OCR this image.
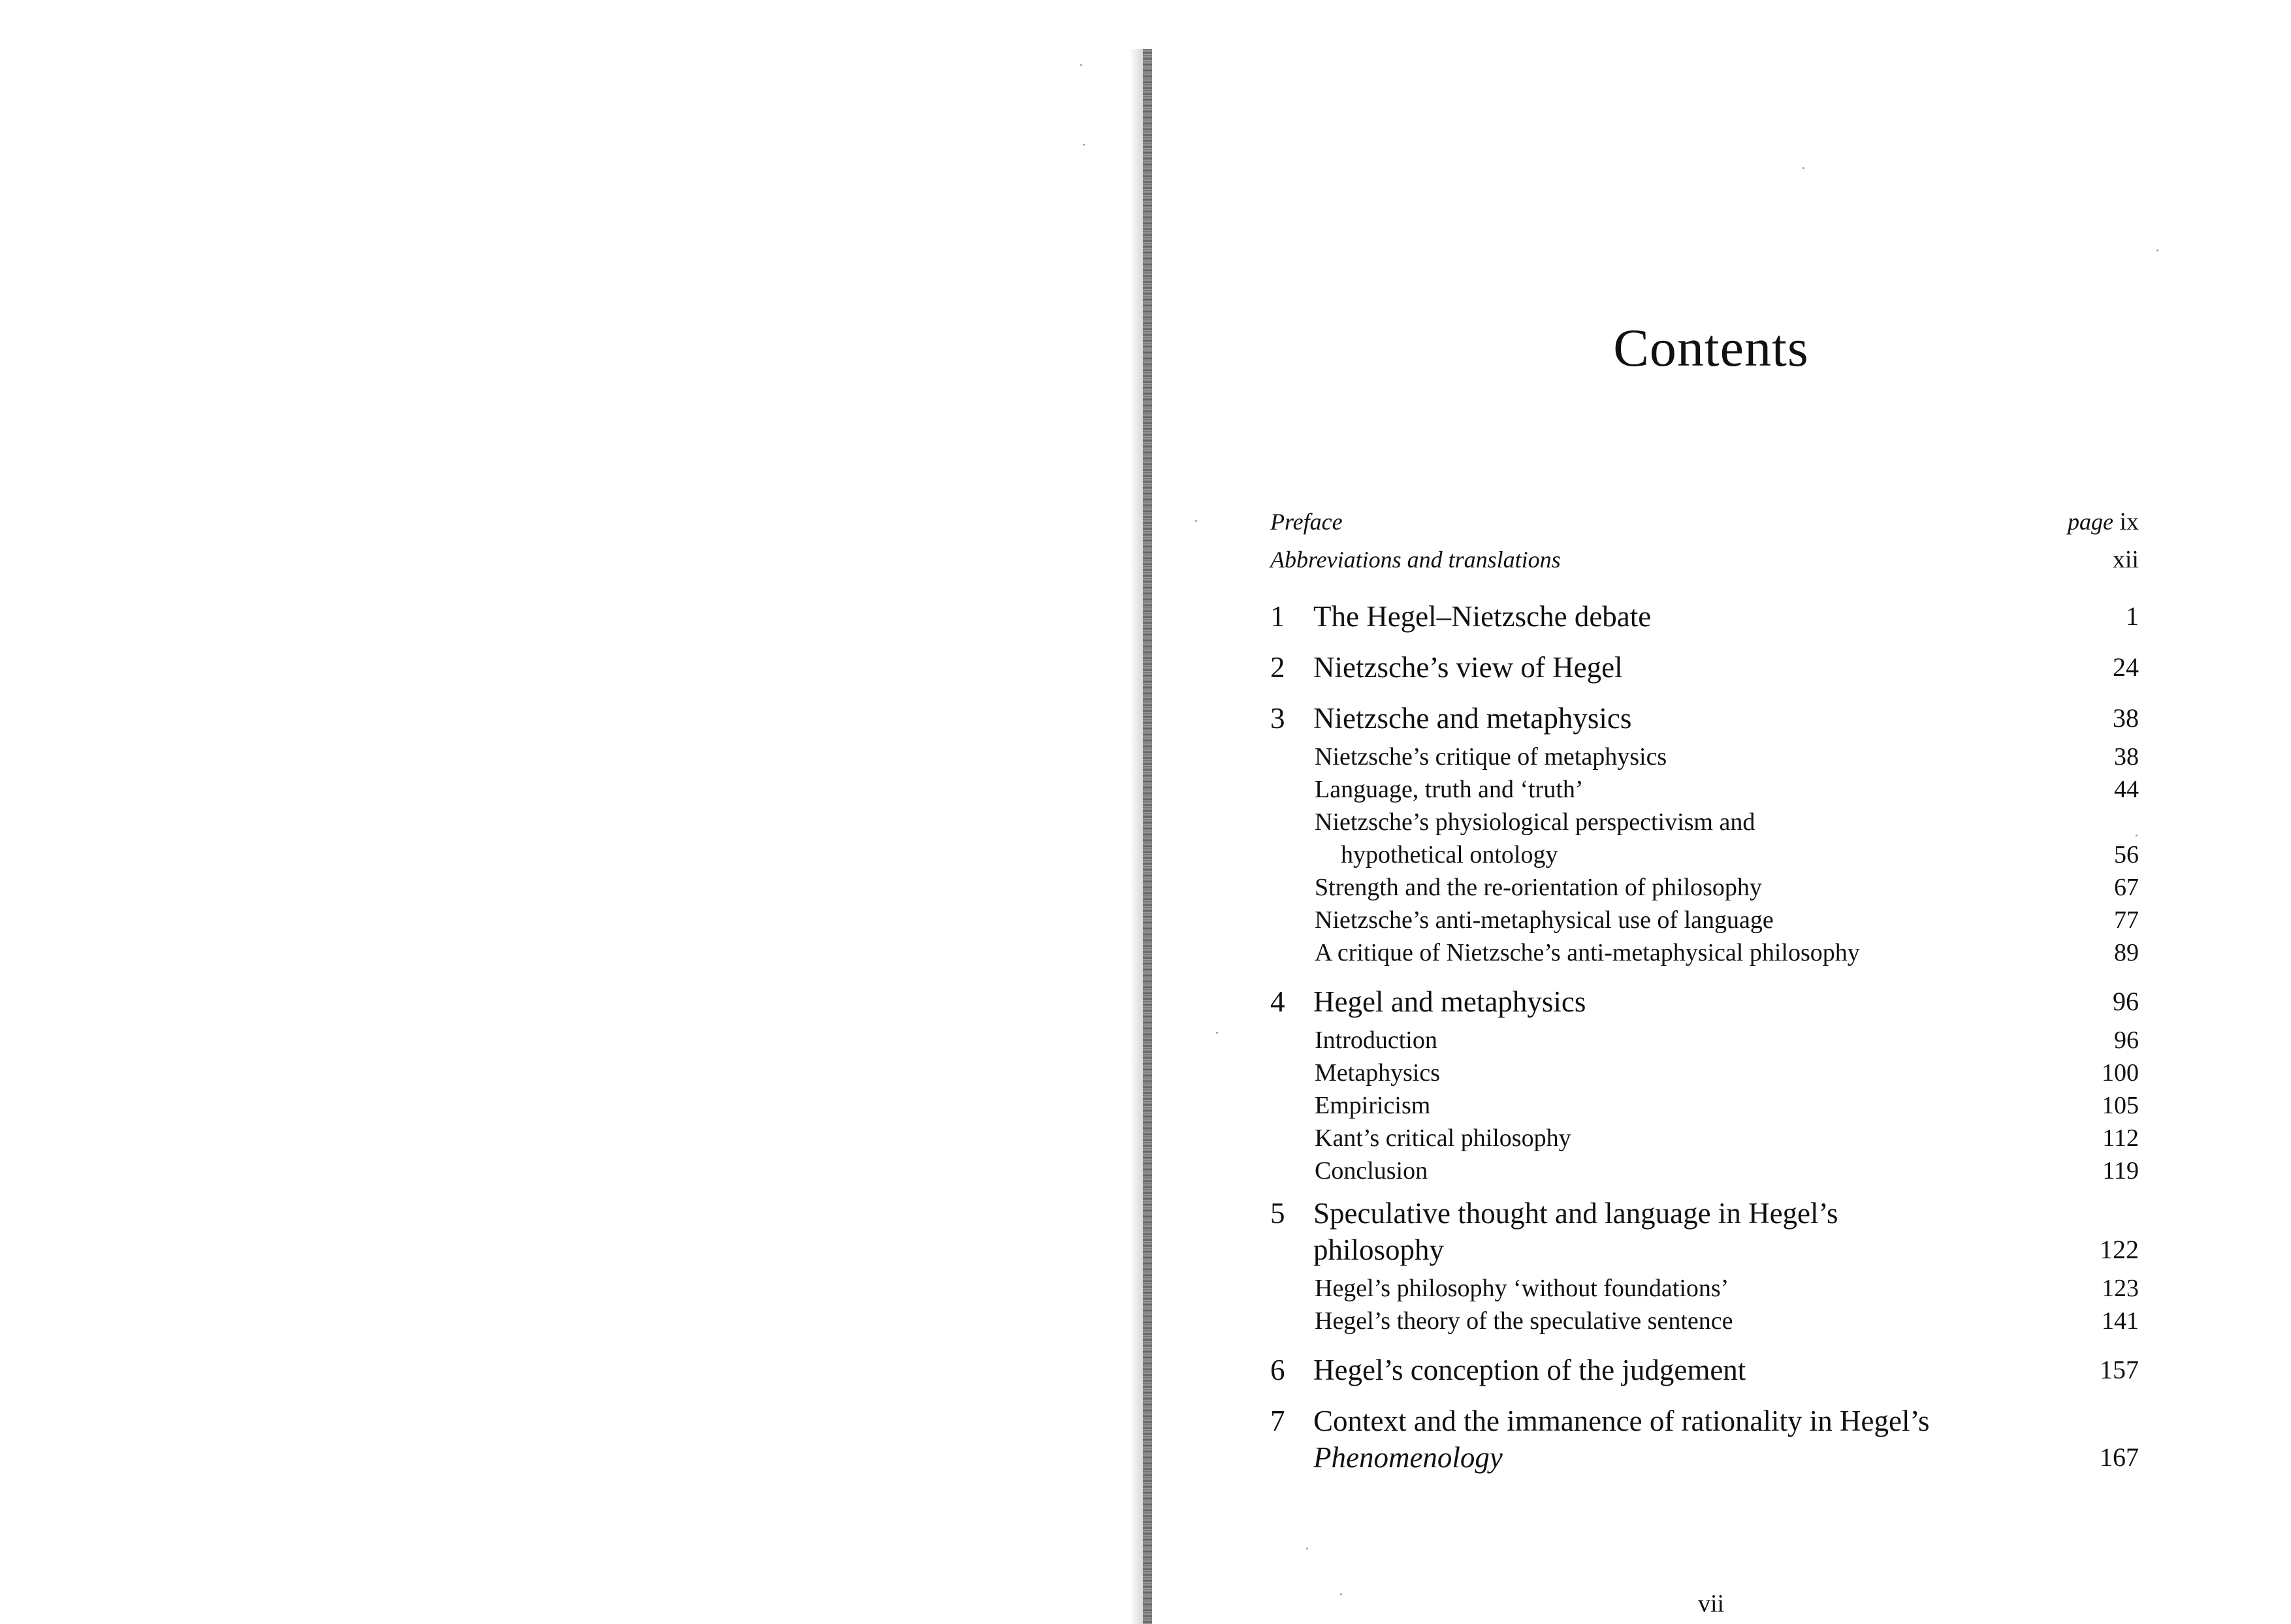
Contents
Preface	page ix
Abbreviations and translations	xii
1 The Hegel–Nietzsche debate	1
2 Nietzsche’s view of Hegel	24
3 Nietzsche and metaphysics	38
Nietzsche’s critique of metaphysics	38
Language, truth and ‘truth’	44
Nietzsche’s physiological perspectivism and
hypothetical ontology	56
Strength and the re-orientation of philosophy	67
Nietzsche’s anti-metaphysical use of language	77
A critique of Nietzsche’s anti-metaphysical philosophy	89
4 Hegel and metaphysics	96
Introduction	96
Metaphysics	100
Empiricism	105
Kant’s critical philosophy	112
Conclusion	119
5 Speculative thought and language in Hegel’s philosophy	122
Hegel’s philosophy ‘without foundations’	123
Hegel’s theory of the speculative sentence	141
6 Hegel’s conception of the judgement	157
7 Context and the immanence of rationality in Hegel’s
Phenomenology	167
vii
